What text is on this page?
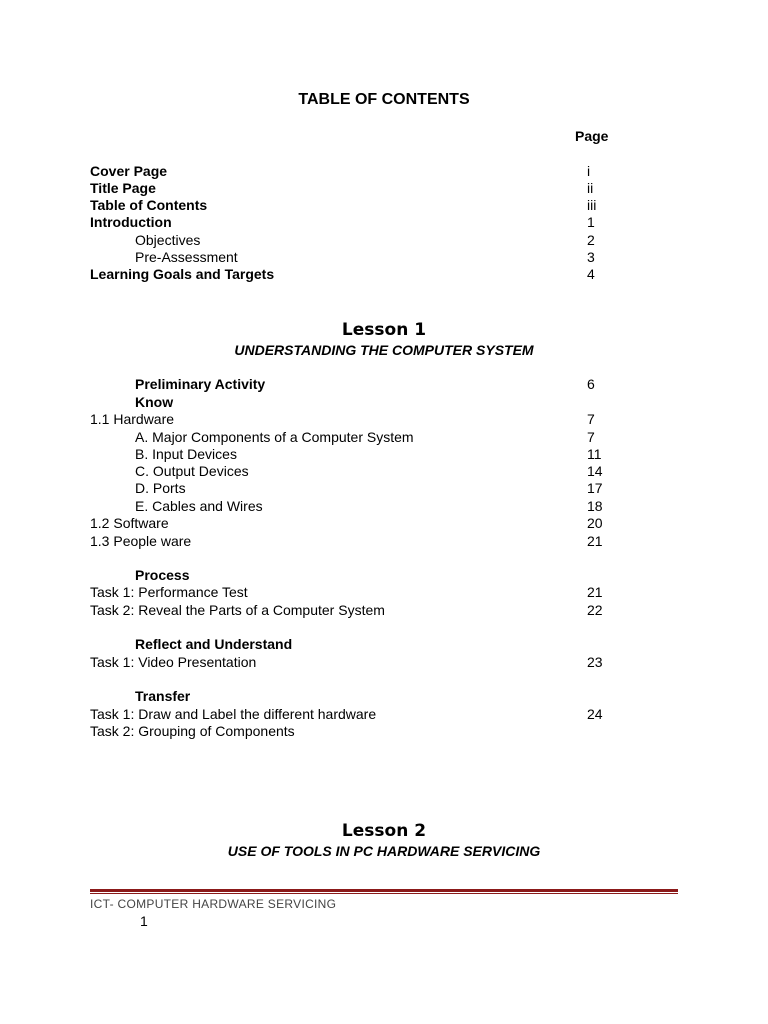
TABLE OF CONTENTS
Page
Cover Page	i
Title Page	ii
Table of Contents	iii
Introduction	1
Objectives	2
Pre-Assessment	3
Learning Goals and Targets	4
Lesson 1
UNDERSTANDING THE COMPUTER SYSTEM
Preliminary Activity	6
Know
1.1 Hardware	7
A. Major Components of a Computer System	7
B. Input Devices	11
C. Output Devices	14
D. Ports	17
E. Cables and Wires	18
1.2 Software	20
1.3 People ware	21
Process
Task 1: Performance Test	21
Task 2: Reveal the Parts of a Computer System	22
Reflect and Understand
Task 1: Video Presentation	23
Transfer
Task 1: Draw and Label the different hardware	24
Task 2: Grouping of Components
Lesson 2
USE OF TOOLS IN PC HARDWARE SERVICING
ICT- COMPUTER HARDWARE SERVICING
1
